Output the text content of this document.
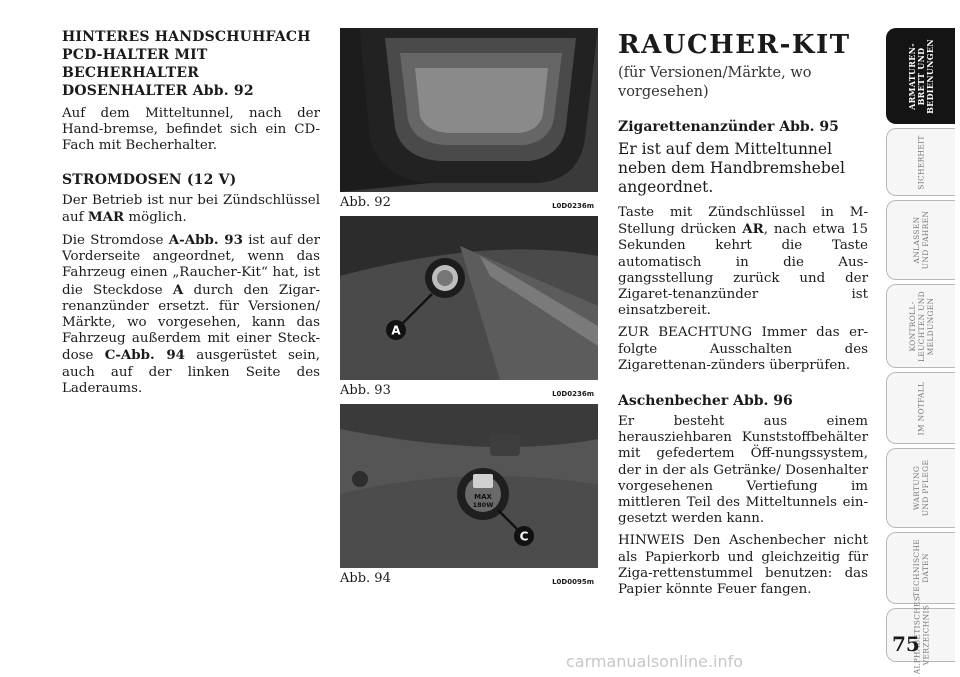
HINTERES HANDSCHUHFACH
PCD-HALTER MIT
BECHERHALTER
DOSENHALTER Abb. 92

Auf dem Mitteltunnel, nach der Hand-bremse, befindet sich ein CD-Fach mit Becherhalter.

STROMDOSEN (12 V)

Der Betrieb ist nur bei Zündschlüssel auf MAR möglich.

Die Stromdose A-Abb. 93 ist auf der Vorderseite angeordnet, wenn das Fahrzeug einen „Raucher-Kit“ hat, ist die Steckdose A durch den Zigar-renanzünder ersetzt. für Versionen/ Märkte, wo vorgesehen, kann das Fahrzeug außerdem mit einer Steck-dose C-Abb. 94 ausgerüstet sein, auch auf der linken Seite des Laderaums.

Abb. 92	L0D0236m
A
Abb. 93	L0D0236m
MAX
180W
C
Abb. 94	L0D0095m
RAUCHER-KIT

(für Versionen/Märkte, wo vorgesehen)

Zigarettenanzünder Abb. 95

Er ist auf dem Mitteltunnel neben dem Handbremshebel angeordnet.

Taste mit Zündschlüssel in M-Stellung drücken AR, nach etwa 15 Sekunden kehrt die Taste automatisch in die Aus-gangsstellung zurück und der Zigaret-tenanzünder ist einsatzbereit.

ZUR BEACHTUNG Immer das er-folgte Ausschalten des Zigarettenan-zünders überprüfen.

Aschenbecher Abb. 96

Er besteht aus einem herausziehbaren Kunststoffbehälter mit gefedertem Öff-nungssystem, der in der als Getränke/ Dosenhalter vorgesehenen Vertiefung im mittleren Teil des Mitteltunnels ein-gesetzt werden kann.

HINWEIS Den Aschenbecher nicht als Papierkorb und gleichzeitig für Ziga-rettenstummel benutzen: das Papier könnte Feuer fangen.

ARMATUREN-
BRETT UND
BEDIENUNGEN
SICHERHEIT
ANLASSEN
UND FAHREN
KONTROLL-
LEUCHTEN UND
MELDUNGEN
IM NOTFALL
WARTUNG
UND PFLEGE
TECHNISCHE
DATEN
ALPHABETISCHES
VERZEICHNIS
75
carmanualsonline.info
